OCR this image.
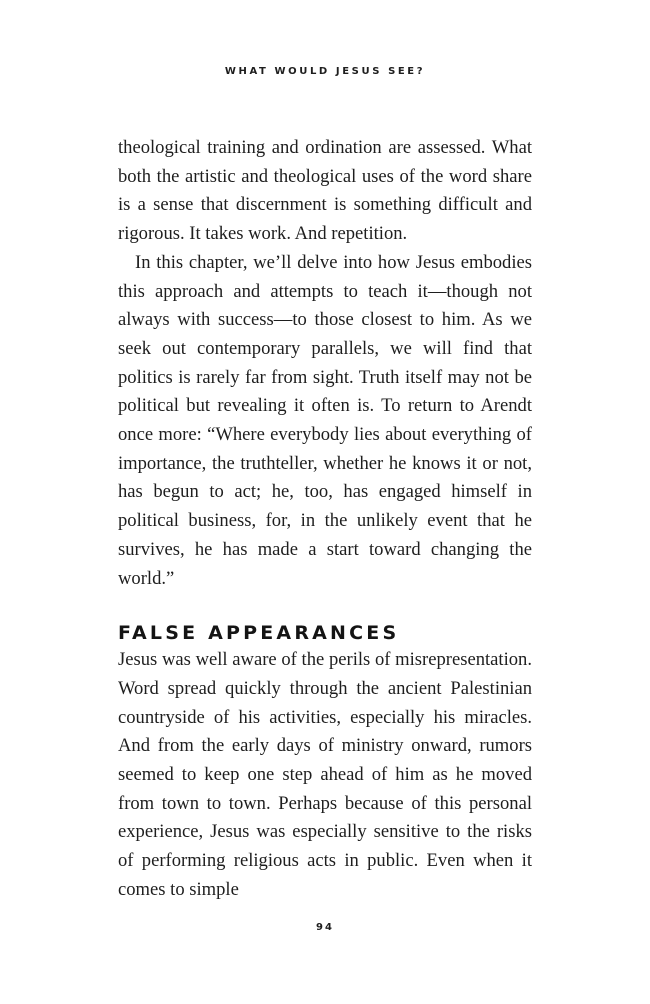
WHAT WOULD JESUS SEE?

theological training and ordination are assessed. What both the artistic and theological uses of the word share is a sense that discernment is something difficult and rigorous. It takes work. And repetition.

In this chapter, we’ll delve into how Jesus embodies this approach and attempts to teach it—though not always with success—to those closest to him. As we seek out contemporary parallels, we will find that politics is rarely far from sight. Truth itself may not be political but revealing it often is. To return to Arendt once more: “Where everybody lies about everything of importance, the truthteller, whether he knows it or not, has begun to act; he, too, has engaged himself in political business, for, in the unlikely event that he survives, he has made a start toward changing the world.”

FALSE APPEARANCES

Jesus was well aware of the perils of misrepresentation. Word spread quickly through the ancient Palestinian countryside of his activities, especially his miracles. And from the early days of ministry onward, rumors seemed to keep one step ahead of him as he moved from town to town. Perhaps because of this personal experience, Jesus was especially sensitive to the risks of performing religious acts in public. Even when it comes to simple

94
